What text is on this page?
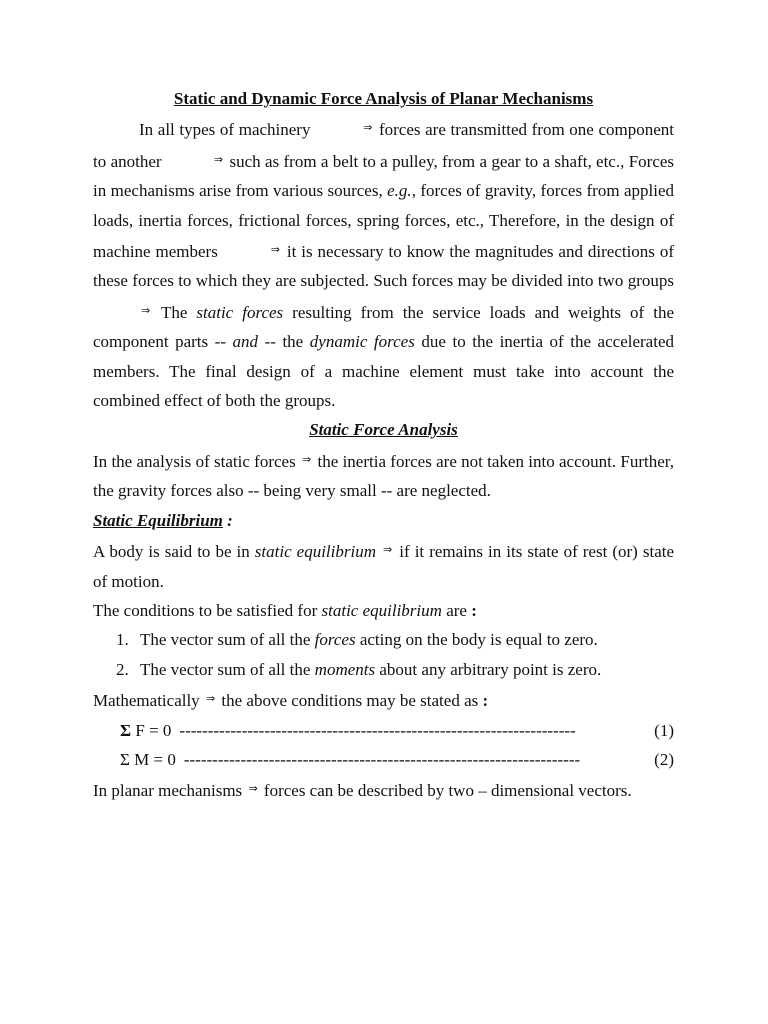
Static and Dynamic Force Analysis of Planar Mechanisms

In all types of machinery	⇒ forces are transmitted from one component to another	⇒ such as from a belt to a pulley, from a gear to a shaft, etc., Forces in mechanisms arise from various sources, e.g., forces of gravity, forces from applied loads, inertia forces, frictional forces, spring forces, etc., Therefore, in the design of machine members	⇒ it is necessary to know the magnitudes and directions of these forces to which they are subjected. Such forces may be divided into two groups ⇒ The static forces resulting from the service loads and weights of the component parts -- and -- the dynamic forces due to the inertia of the accelerated members. The final design of a machine element must take into account the combined effect of both the groups.

Static Force Analysis

In the analysis of static forces ⇒ the inertia forces are not taken into account. Further, the gravity forces also -- being very small -- are neglected.

Static Equilibrium :

A body is said to be in static equilibrium ⇒ if it remains in its state of rest (or) state of motion.

The conditions to be satisfied for static equilibrium are :

1. The vector sum of all the forces acting on the body is equal to zero.
2. The vector sum of all the moments about any arbitrary point is zero.

Mathematically ⇒ the above conditions may be stated as :

Σ F = 0 ----------------------------------------------------------------------	(1)
Σ M = 0 ----------------------------------------------------------------------	(2)

In planar mechanisms ⇒ forces can be described by two – dimensional vectors.
